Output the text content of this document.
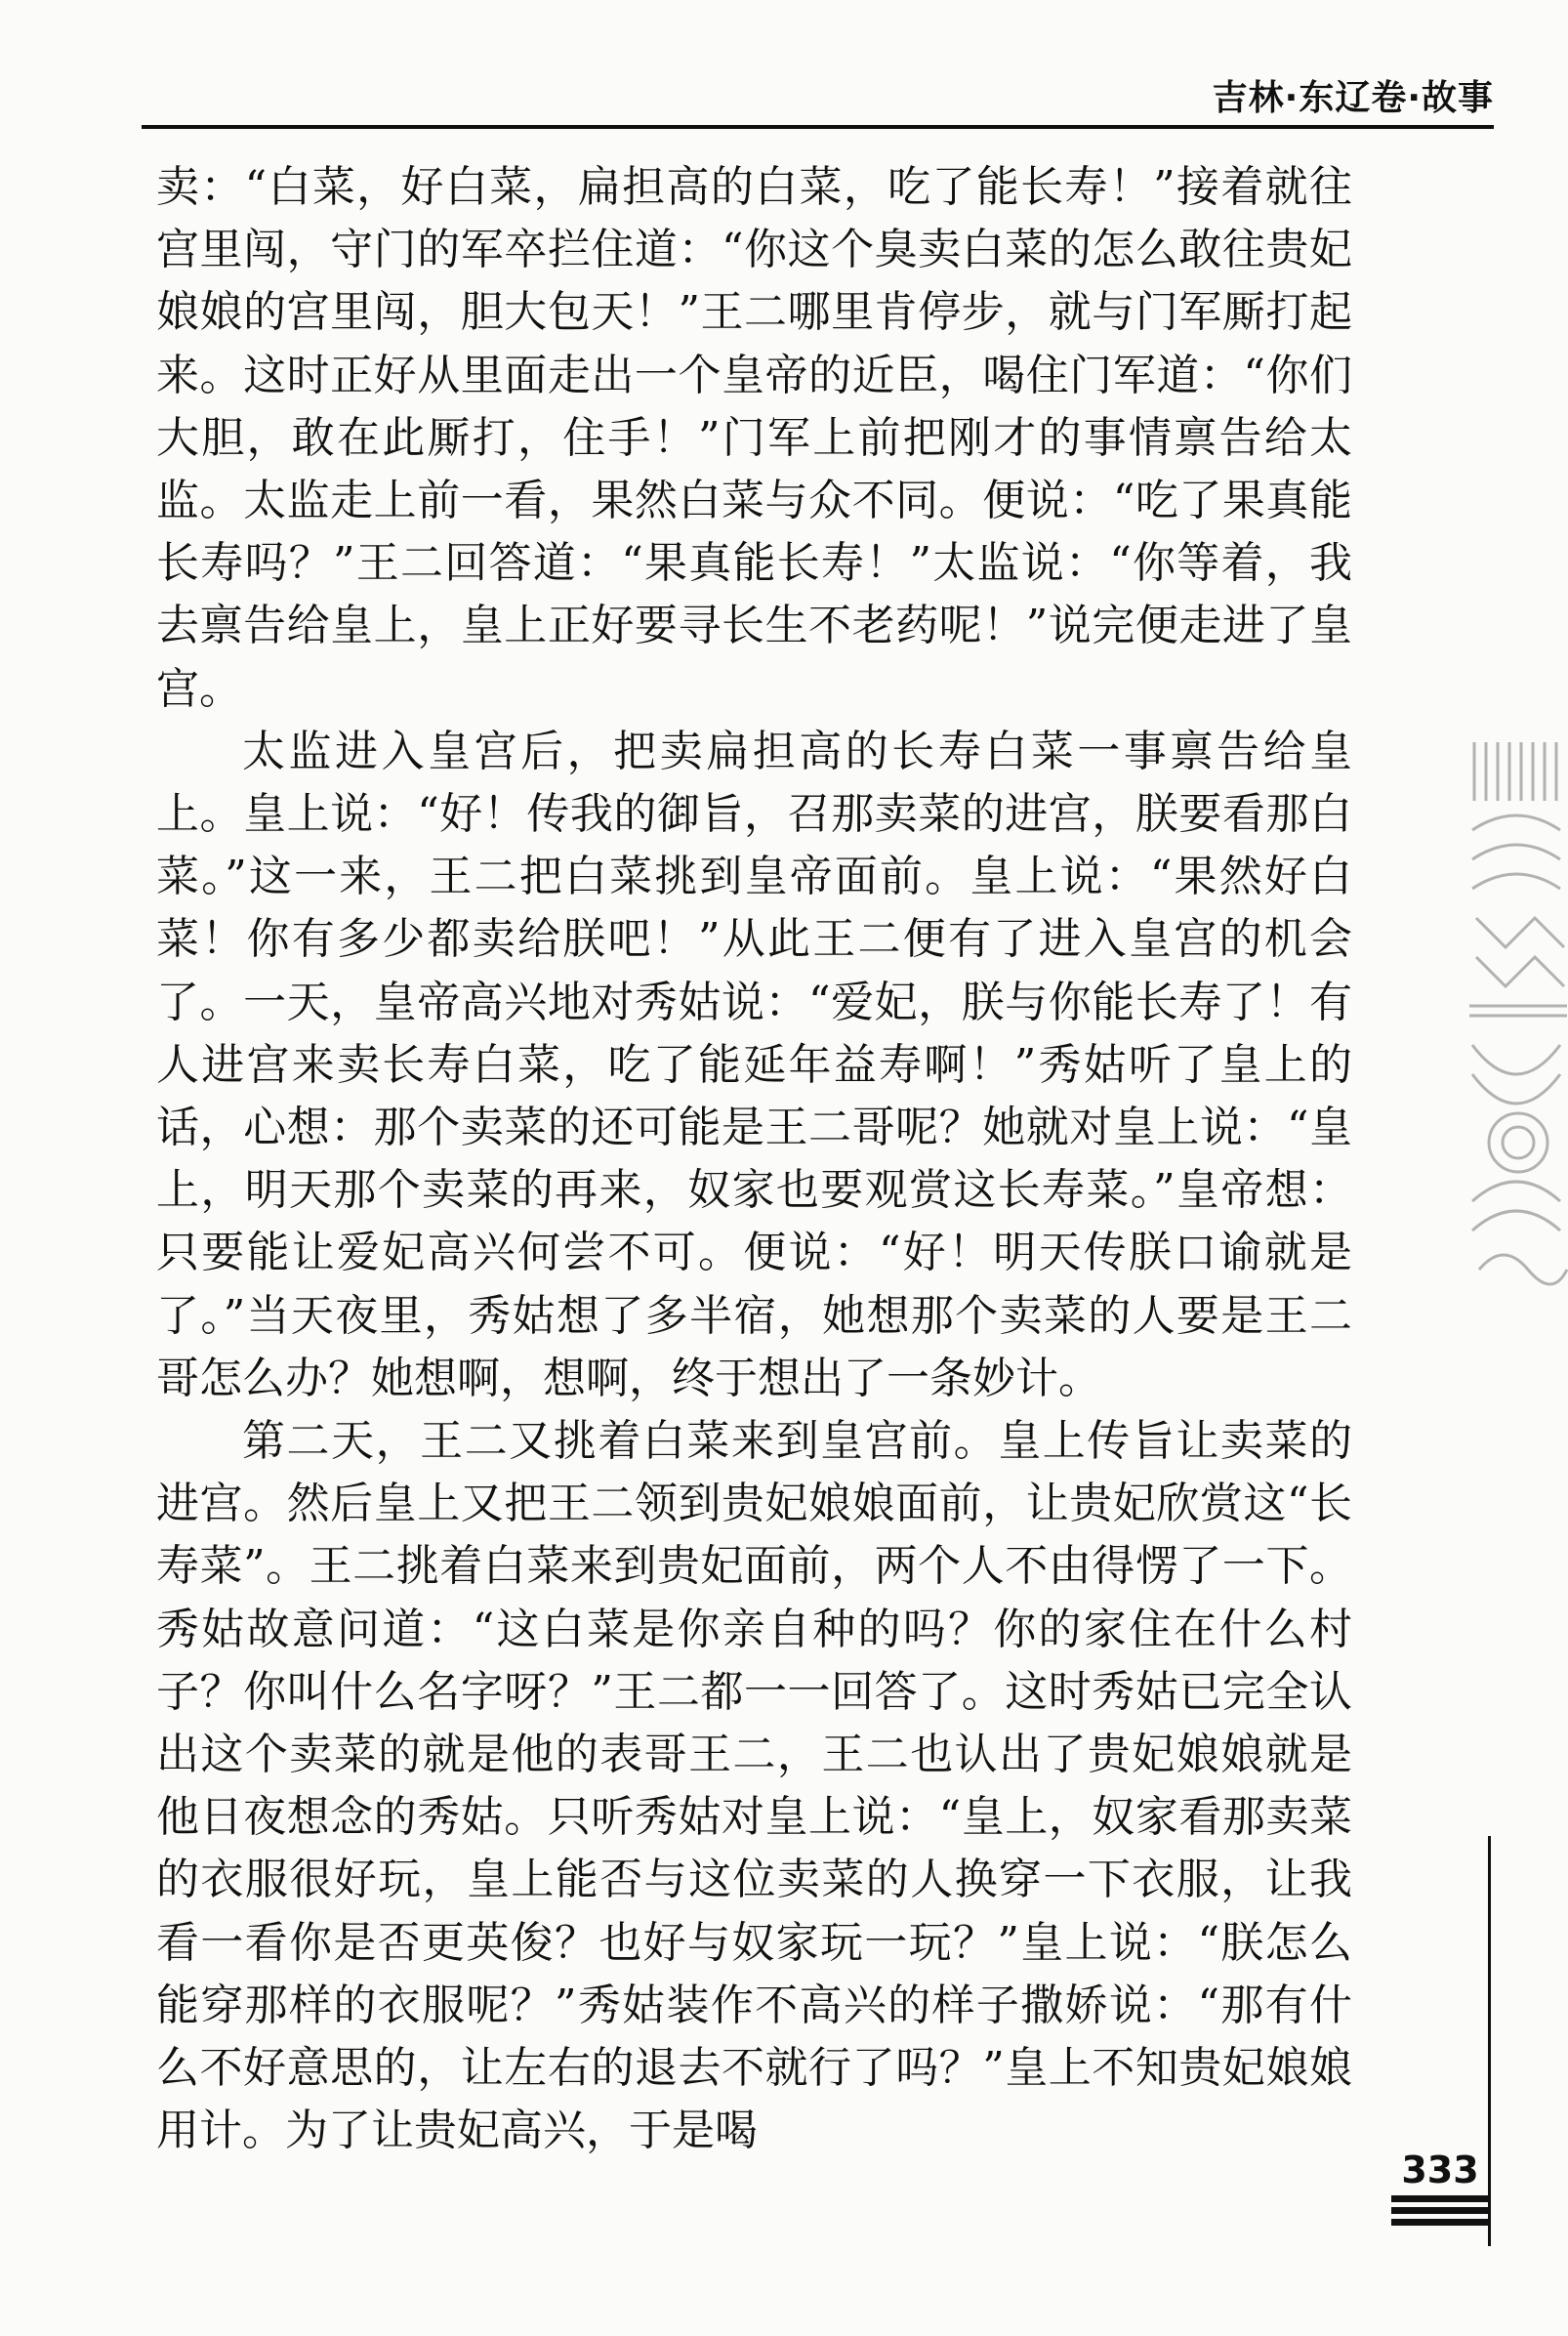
吉林·东辽卷·故事

卖：“白菜，好白菜，扁担高的白菜，吃了能长寿！”接着就往宫里闯，守门的军卒拦住道：“你这个臭卖白菜的怎么敢往贵妃娘娘的宫里闯，胆大包天！”王二哪里肯停步，就与门军厮打起来。这时正好从里面走出一个皇帝的近臣，喝住门军道：“你们大胆，敢在此厮打，住手！”门军上前把刚才的事情禀告给太监。太监走上前一看，果然白菜与众不同。便说：“吃了果真能长寿吗？”王二回答道：“果真能长寿！”太监说：“你等着，我去禀告给皇上，皇上正好要寻长生不老药呢！”说完便走进了皇宫。

太监进入皇宫后，把卖扁担高的长寿白菜一事禀告给皇上。皇上说：“好！传我的御旨，召那卖菜的进宫，朕要看那白菜。”这一来，王二把白菜挑到皇帝面前。皇上说：“果然好白菜！你有多少都卖给朕吧！”从此王二便有了进入皇宫的机会了。一天，皇帝高兴地对秀姑说：“爱妃，朕与你能长寿了！有人进宫来卖长寿白菜，吃了能延年益寿啊！”秀姑听了皇上的话，心想：那个卖菜的还可能是王二哥呢？她就对皇上说：“皇上，明天那个卖菜的再来，奴家也要观赏这长寿菜。”皇帝想：只要能让爱妃高兴何尝不可。便说：“好！明天传朕口谕就是了。”当天夜里，秀姑想了多半宿，她想那个卖菜的人要是王二哥怎么办？她想啊，想啊，终于想出了一条妙计。

第二天，王二又挑着白菜来到皇宫前。皇上传旨让卖菜的进宫。然后皇上又把王二领到贵妃娘娘面前，让贵妃欣赏这“长寿菜”。王二挑着白菜来到贵妃面前，两个人不由得愣了一下。秀姑故意问道：“这白菜是你亲自种的吗？你的家住在什么村子？你叫什么名字呀？”王二都一一回答了。这时秀姑已完全认出这个卖菜的就是他的表哥王二，王二也认出了贵妃娘娘就是他日夜想念的秀姑。只听秀姑对皇上说：“皇上，奴家看那卖菜的衣服很好玩，皇上能否与这位卖菜的人换穿一下衣服，让我看一看你是否更英俊？也好与奴家玩一玩？”皇上说：“朕怎么能穿那样的衣服呢？”秀姑装作不高兴的样子撒娇说：“那有什么不好意思的，让左右的退去不就行了吗？”皇上不知贵妃娘娘用计。为了让贵妃高兴，于是喝

333
